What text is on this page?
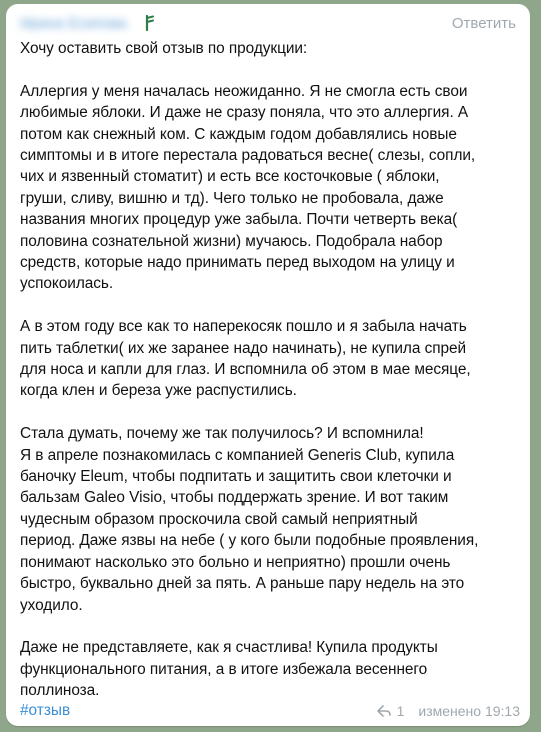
Ирина Есипова	Ответить

Хочу оставить свой отзыв по продукции:

Аллергия у меня началась неожиданно. Я не смогла есть свои
любимые яблоки. И даже не сразу поняла, что это аллергия. А
потом как снежный ком. С каждым годом добавлялись новые
симптомы и в итоге перестала радоваться весне( слезы, сопли,
чих и язвенный стоматит) и есть все косточковые ( яблоки,
груши, сливу, вишню и тд). Чего только не пробовала, даже
названия многих процедур уже забыла. Почти четверть века(
половина сознательной жизни) мучаюсь. Подобрала набор
средств, которые надо принимать перед выходом на улицу и
успокоилась.

А в этом году все как то наперекосяк пошло и я забыла начать
пить таблетки( их же заранее надо начинать), не купила спрей
для носа и капли для глаз. И вспомнила об этом в мае месяце,
когда клен и береза уже распустились.

Стала думать, почему же так получилось? И вспомнила!
Я в апреле познакомилась с компанией Generis Club, купила
баночку Eleum, чтобы подпитать и защитить свои клеточки и
бальзам Galeo Visio, чтобы поддержать зрение. И вот таким
чудесным образом проскочила свой самый неприятный
период. Даже язвы на небе ( у кого были подобные проявления,
понимают насколько это больно и неприятно) прошли очень
быстро, буквально дней за пять. А раньше пару недель на это
уходило.

Даже не представляете, как я счастлива! Купила продукты
функционального питания, а в итоге избежала весеннего
поллиноза.

#отзыв	1 изменено 19:13
